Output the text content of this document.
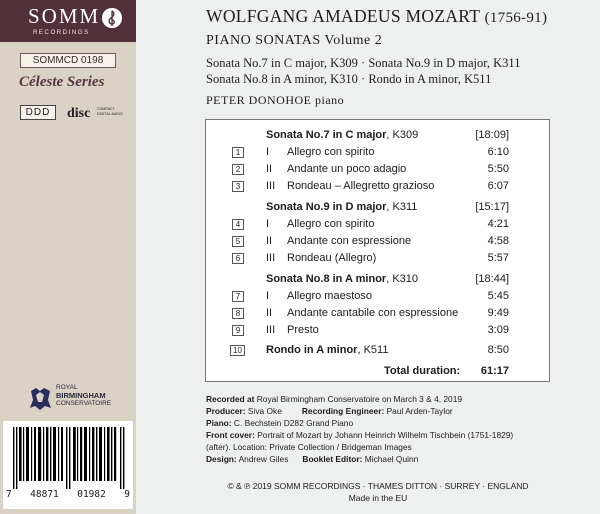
SOMM
RECORDINGS
SOMMCD 0198
Céleste Series
DDD	disc COMPACT
DIGITAL AUDIO
ROYAL
BIRMINGHAM
CONSERVATOIRE
7 48871 01982 9
WOLFGANG AMADEUS MOZART (1756-91)
PIANO SONATAS Volume 2
Sonata No.7 in C major, K309 · Sonata No.9 in D major, K311
Sonata No.8 in A minor, K310 · Rondo in A minor, K511
PETER DONOHOE piano
Sonata No.7 in C major, K309	[18:09]
1	I Allegro con spirito	6:10
2	II Andante un poco adagio	5:50
3	III Rondeau – Allegretto grazioso	6:07
Sonata No.9 in D major, K311	[15:17]
4	I Allegro con spirito	4:21
5	II Andante con espressione	4:58
6	III Rondeau (Allegro)	5:57
Sonata No.8 in A minor, K310	[18:44]
7	I Allegro maestoso	5:45
8	II Andante cantabile con espressione	9:49
9	III Presto	3:09
10 Rondo in A minor, K511	8:50
Total duration: 61:17
Recorded at Royal Birmingham Conservatoire on March 3 & 4, 2019
Producer: Siva Oke Recording Engineer: Paul Arden-Taylor
Piano: C. Bechstein D282 Grand Piano
Front cover: Portrait of Mozart by Johann Heinrich Wilhelm Tischbein (1751-1829)
(after). Location: Private Collection / Bridgeman Images
Design: Andrew Giles Booklet Editor: Michael Quinn
© & ℗ 2019 SOMM RECORDINGS · THAMES DITTON · SURREY · ENGLAND
Made in the EU
